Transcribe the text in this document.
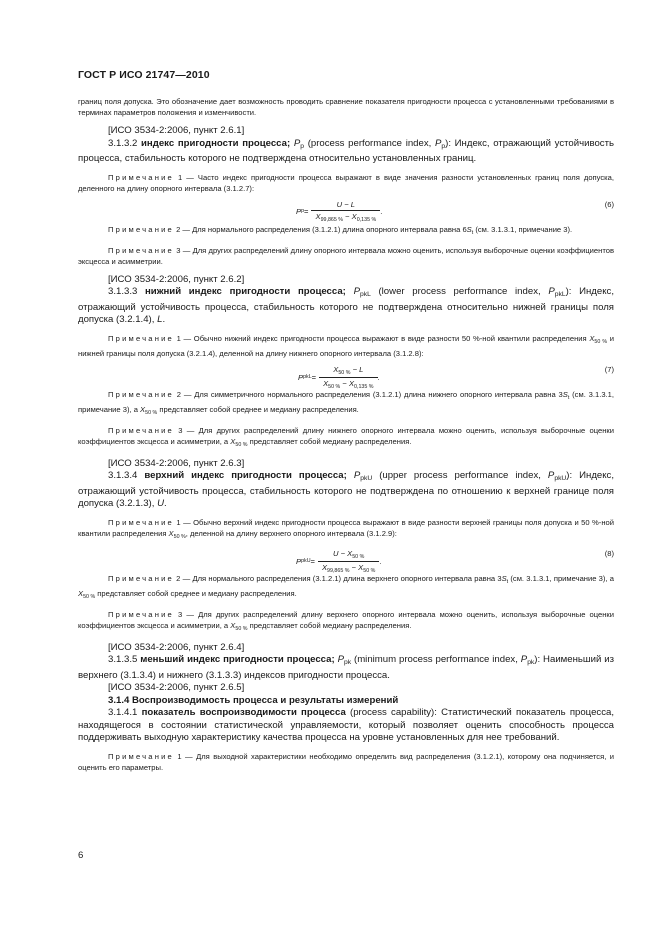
ГОСТ Р ИСО 21747—2010

границ поля допуска. Это обозначение дает возможность проводить сравнение показателя пригодности процесса с установленными требованиями в терминах параметров положения и изменчивости.

[ИСО 3534-2:2006, пункт 2.6.1]

3.1.3.2 индекс пригодности процесса; $P_p$ (process performance index, $P_p$): Индекс, отражающий устойчивость процесса, стабильность которого не подтверждена относительно установленных границ.

Примечание 1 — Часто индекс пригодности процесса выражают в виде значения разности установленных границ поля допуска, деленного на длину опорного интервала (3.1.2.7):

P $p = \frac{U - L}{X_{99,865 \%} - X_{0,135 \%}}$ .
(6)

Примечание 2 — Для нормального распределения (3.1.2.1) длина опорного интервала равна $6S_t$ (см. 3.1.3.1, примечание 3).

Примечание 3 — Для других распределений длину опорного интервала можно оценить, используя выборочные оценки коэффициентов эксцесса и асимметрии.

[ИСО 3534-2:2006, пункт 2.6.2]

3.1.3.3 нижний индекс пригодности процесса; $P_{pkL}$ (lower process performance index, $P_{pkL}$): Индекс, отражающий устойчивость процесса, стабильность которого не подтверждена относительно нижней границы поля допуска (3.2.1.4), L.

Примечание 1 — Обычно нижний индекс пригодности процесса выражают в виде разности 50 %-ной квантили распределения $X_{50 \%}$ и нижней границы поля допуска (3.2.1.4), деленной на длину нижнего опорного интервала (3.1.2.8):

P pkL = $\frac{X_{50 \%} - L}{X_{50 \%} - X_{0,135 \%}}$ .
(7)

Примечание 2 — Для симметричного нормального распределения (3.1.2.1) длина нижнего опорного интервала равна $3S_t$ (см. 3.1.3.1, примечание 3), а $X_{50 \%}$ представляет собой среднее и медиану распределения.

Примечание 3 — Для других распределений длину нижнего опорного интервала можно оценить, используя выборочные оценки коэффициентов эксцесса и асимметрии, а $X_{50 \%}$ представляет собой медиану распределения.

[ИСО 3534-2:2006, пункт 2.6.3]

3.1.3.4 верхний индекс пригодности процесса; $P_{pkU}$ (upper process performance index, $P_{pkU}$): Индекс, отражающий устойчивость процесса, стабильность которого не подтверждена по отношению к верхней границе поля допуска (3.2.1.3), U.

Примечание 1 — Обычно верхний индекс пригодности процесса выражают в виде разности верхней границы поля допуска и 50 %-ной квантили распределения $X_{50 \%}$, деленной на длину верхнего опорного интервала (3.1.2.9):

P pkU = $\frac{U - X_{50 \%}}{X_{99,865 \%} - X_{50 \%}}$ .
(8)

Примечание 2 — Для нормального распределения (3.1.2.1) длина верхнего опорного интервала равна $3S_t$ (см. 3.1.3.1, примечание 3), а $X_{50 \%}$ представляет собой среднее и медиану распределения.

Примечание 3 — Для других распределений длину верхнего опорного интервала можно оценить, используя выборочные оценки коэффициентов эксцесса и асимметрии, а $X_{50 \%}$ представляет собой медиану распределения.

[ИСО 3534-2:2006, пункт 2.6.4]

3.1.3.5 меньший индекс пригодности процесса; $P_{pk}$ (minimum process performance index, $P_{pk}$): Наименьший из верхнего (3.1.3.4) и нижнего (3.1.3.3) индексов пригодности процесса.

[ИСО 3534-2:2006, пункт 2.6.5]

3.1.4 Воспроизводимость процесса и результаты измерений

3.1.4.1 показатель воспроизводимости процесса (process capability): Статистический показатель процесса, находящегося в состоянии статистической управляемости, который позволяет оценить способность процесса поддерживать выходную характеристику качества процесса на уровне установленных для нее требований.

Примечание 1 — Для выходной характеристики необходимо определить вид распределения (3.1.2.1), которому она подчиняется, и оценить его параметры.

6
